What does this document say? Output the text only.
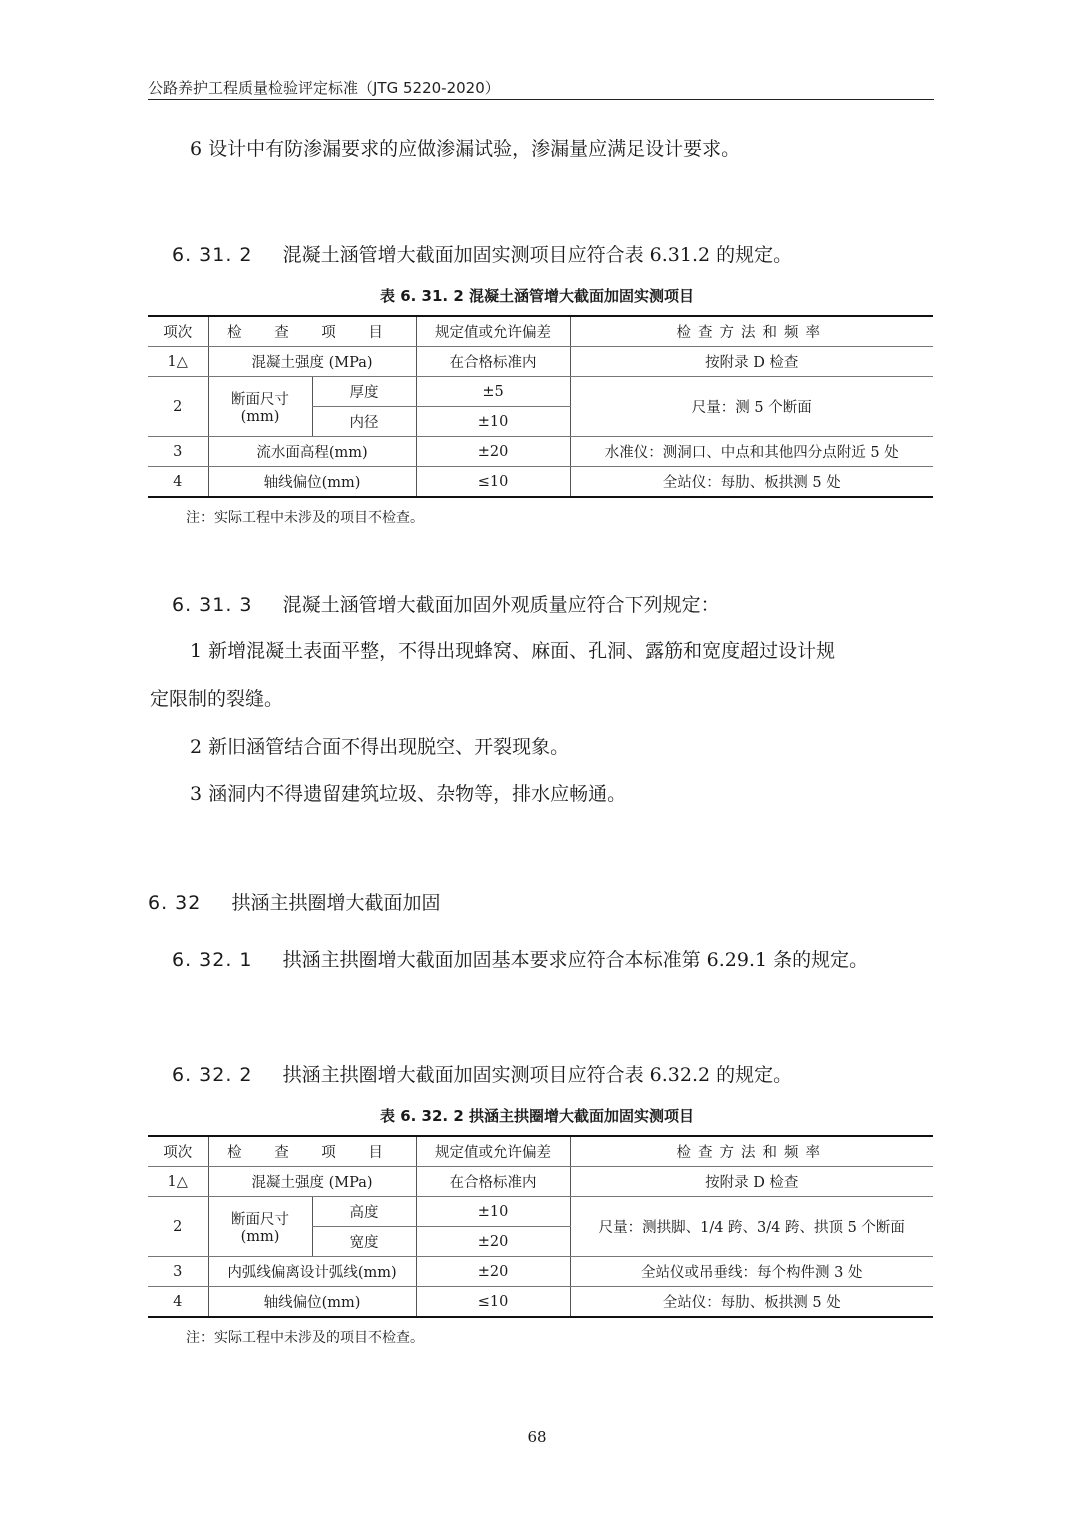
公路养护工程质量检验评定标准（JTG 5220-2020）
6 设计中有防渗漏要求的应做渗漏试验，渗漏量应满足设计要求。
6. 31. 2 混凝土涵管增大截面加固实测项目应符合表 6.31.2 的规定。
表 6. 31. 2 混凝土涵管增大截面加固实测项目
项次	检 查 项 目		规定值或允许偏差	检查方法和频率
1△	混凝土强度 (MPa)		在合格标准内	按附录 D 检查
2	断面尺寸
(mm)	厚度	±5	尺量：测 5 个断面
		内径	±10	
3	流水面高程(mm)		±20	水准仪：测洞口、中点和其他四分点附近 5 处
4	轴线偏位(mm)		≤10	全站仪：每肋、板拱测 5 处
注：实际工程中未涉及的项目不检查。
6. 31. 3 混凝土涵管增大截面加固外观质量应符合下列规定：
1 新增混凝土表面平整，不得出现蜂窝、麻面、孔洞、露筋和宽度超过设计规
定限制的裂缝。
2 新旧涵管结合面不得出现脱空、开裂现象。
3 涵洞内不得遗留建筑垃圾、杂物等，排水应畅通。
6. 32 拱涵主拱圈增大截面加固
6. 32. 1 拱涵主拱圈增大截面加固基本要求应符合本标准第 6.29.1 条的规定。
6. 32. 2 拱涵主拱圈增大截面加固实测项目应符合表 6.32.2 的规定。
表 6. 32. 2 拱涵主拱圈增大截面加固实测项目
项次	检 查 项 目		规定值或允许偏差	检查方法和频率
1△	混凝土强度 (MPa)		在合格标准内	按附录 D 检查
2	断面尺寸
(mm)	高度	±10	尺量：测拱脚、1/4 跨、3/4 跨、拱顶 5 个断面
		宽度	±20	
3	内弧线偏离设计弧线(mm)		±20	全站仪或吊垂线：每个构件测 3 处
4	轴线偏位(mm)		≤10	全站仪：每肋、板拱测 5 处
注：实际工程中未涉及的项目不检查。
68
